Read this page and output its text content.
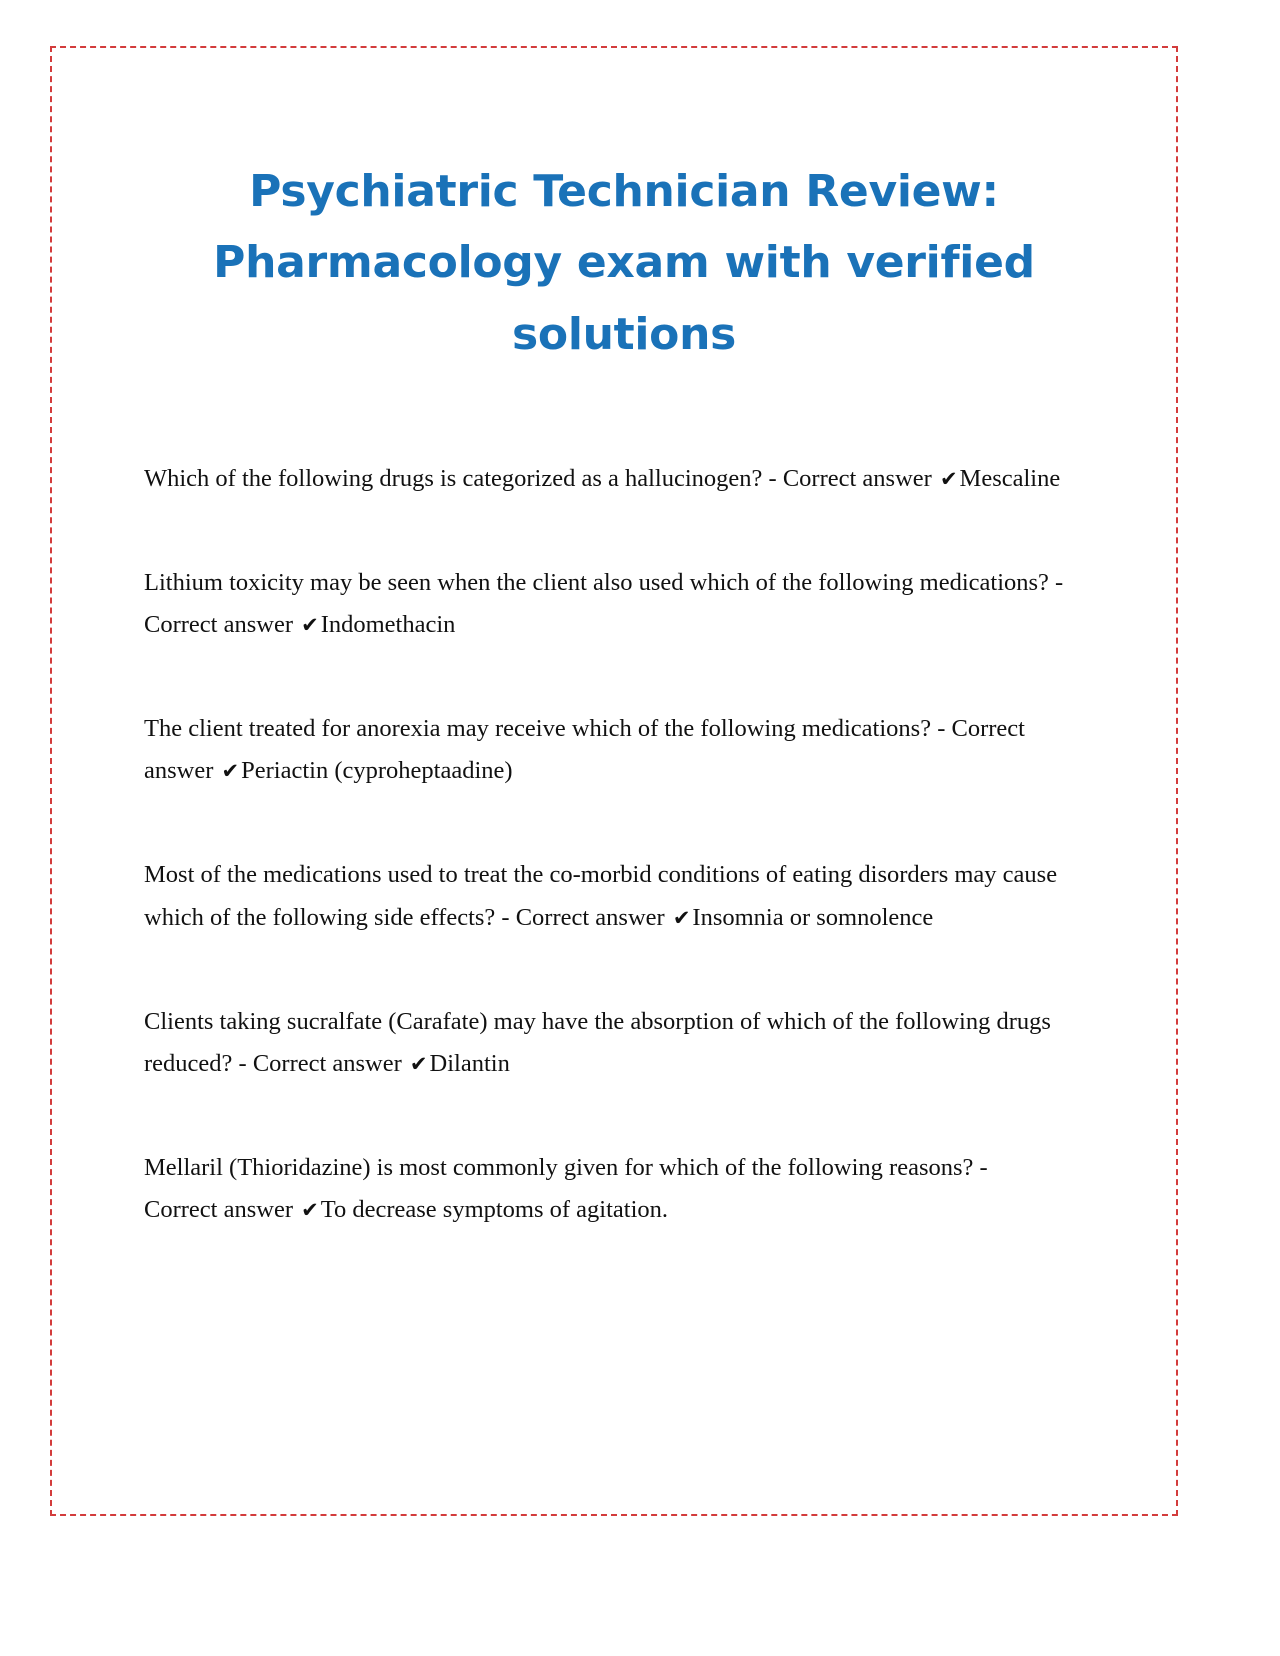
Psychiatric Technician Review: Pharmacology exam with verified solutions

Which of the following drugs is categorized as a hallucinogen? - Correct answer ✔Mescaline

Lithium toxicity may be seen when the client also used which of the following medications? - Correct answer ✔Indomethacin

The client treated for anorexia may receive which of the following medications? - Correct answer ✔Periactin (cyproheptaadine)

Most of the medications used to treat the co-morbid conditions of eating disorders may cause which of the following side effects? - Correct answer ✔Insomnia or somnolence

Clients taking sucralfate (Carafate) may have the absorption of which of the following drugs reduced? - Correct answer ✔Dilantin

Mellaril (Thioridazine) is most commonly given for which of the following reasons? - Correct answer ✔To decrease symptoms of agitation.
